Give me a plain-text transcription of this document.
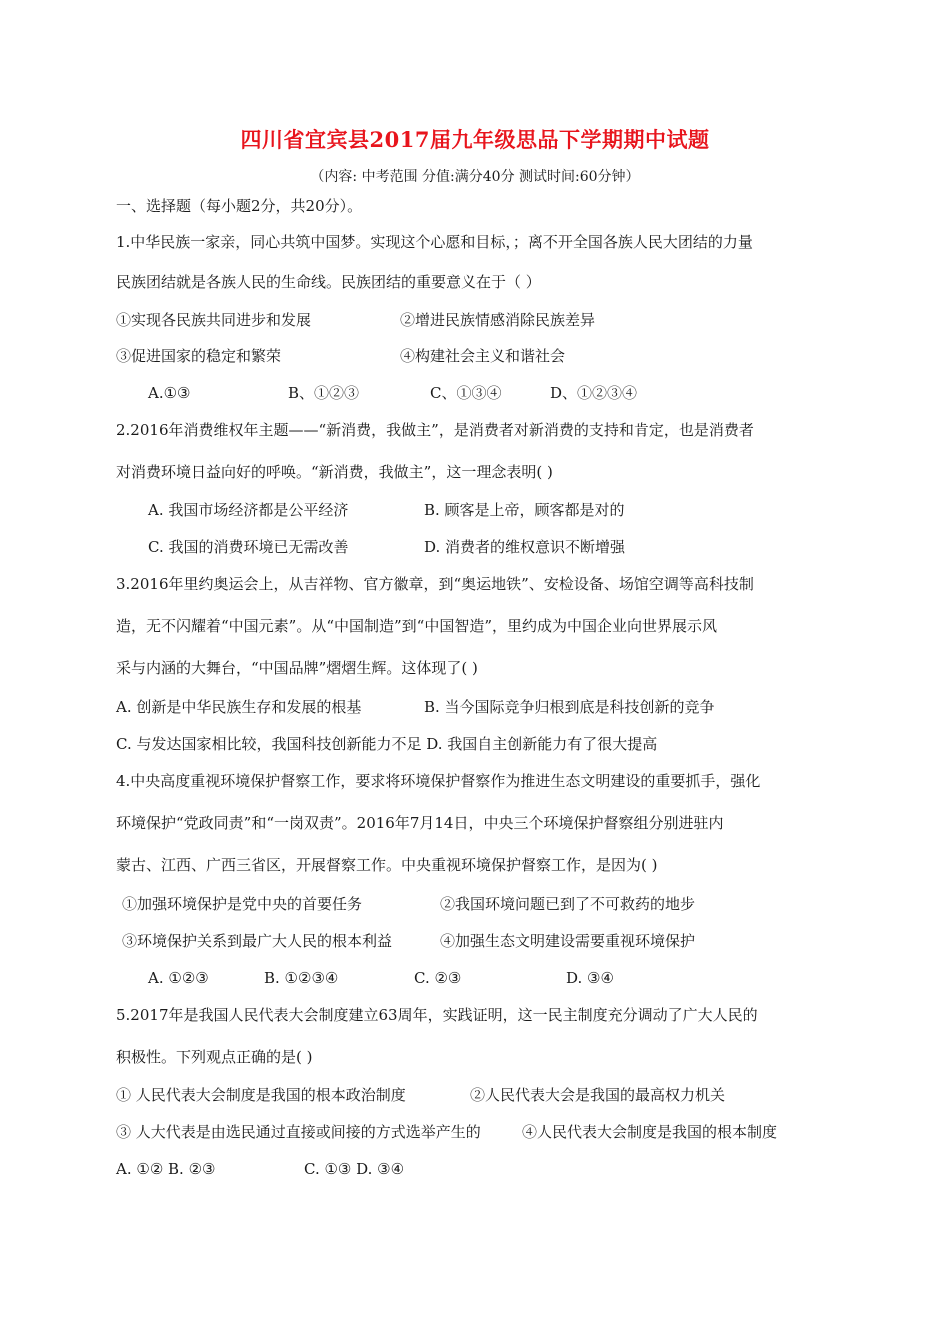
四川省宜宾县2017届九年级思品下学期期中试题
（内容: 中考范围 分值:满分40分 测试时间:60分钟）
一、选择题（每小题2分，共20分）。
1.中华民族一家亲，同心共筑中国梦。实现这个心愿和目标，；离不开全国各族人民大团结的力量
民族团结就是各族人民的生命线。民族团结的重要意义在于（ ）
①实现各民族共同进步和发展	②增进民族情感消除民族差异
③促进国家的稳定和繁荣	④构建社会主义和谐社会
A.①③	B、①②③	C、①③④	D、①②③④
2.2016年消费维权年主题——“新消费，我做主”，是消费者对新消费的支持和肯定，也是消费者
对消费环境日益向好的呼唤。“新消费，我做主”，这一理念表明( )
A. 我国市场经济都是公平经济	B. 顾客是上帝，顾客都是对的
C. 我国的消费环境已无需改善	D. 消费者的维权意识不断增强
3.2016年里约奥运会上，从吉祥物、官方徽章，到“奥运地铁”、安检设备、场馆空调等高科技制
造，无不闪耀着“中国元素”。从“中国制造”到“中国智造”，里约成为中国企业向世界展示风
采与内涵的大舞台，“中国品牌”熠熠生辉。这体现了( )
A. 创新是中华民族生存和发展的根基	B. 当今国际竞争归根到底是科技创新的竞争
C. 与发达国家相比较，我国科技创新能力不足 D. 我国自主创新能力有了很大提高
4.中央高度重视环境保护督察工作，要求将环境保护督察作为推进生态文明建设的重要抓手，强化
环境保护“党政同责”和“一岗双责”。2016年7月14日，中央三个环境保护督察组分别进驻内
蒙古、江西、广西三省区，开展督察工作。中央重视环境保护督察工作，是因为( )
①加强环境保护是党中央的首要任务	②我国环境问题已到了不可救药的地步
③环境保护关系到最广大人民的根本利益	④加强生态文明建设需要重视环境保护
A. ①②③	B. ①②③④	C. ②③	D. ③④
5.2017年是我国人民代表大会制度建立63周年，实践证明，这一民主制度充分调动了广大人民的
积极性。下列观点正确的是( )
① 人民代表大会制度是我国的根本政治制度	②人民代表大会是我国的最高权力机关
③ 人大代表是由选民通过直接或间接的方式选举产生的	④人民代表大会制度是我国的根本制度
A. ①② B. ②③	C. ①③ D. ③④
